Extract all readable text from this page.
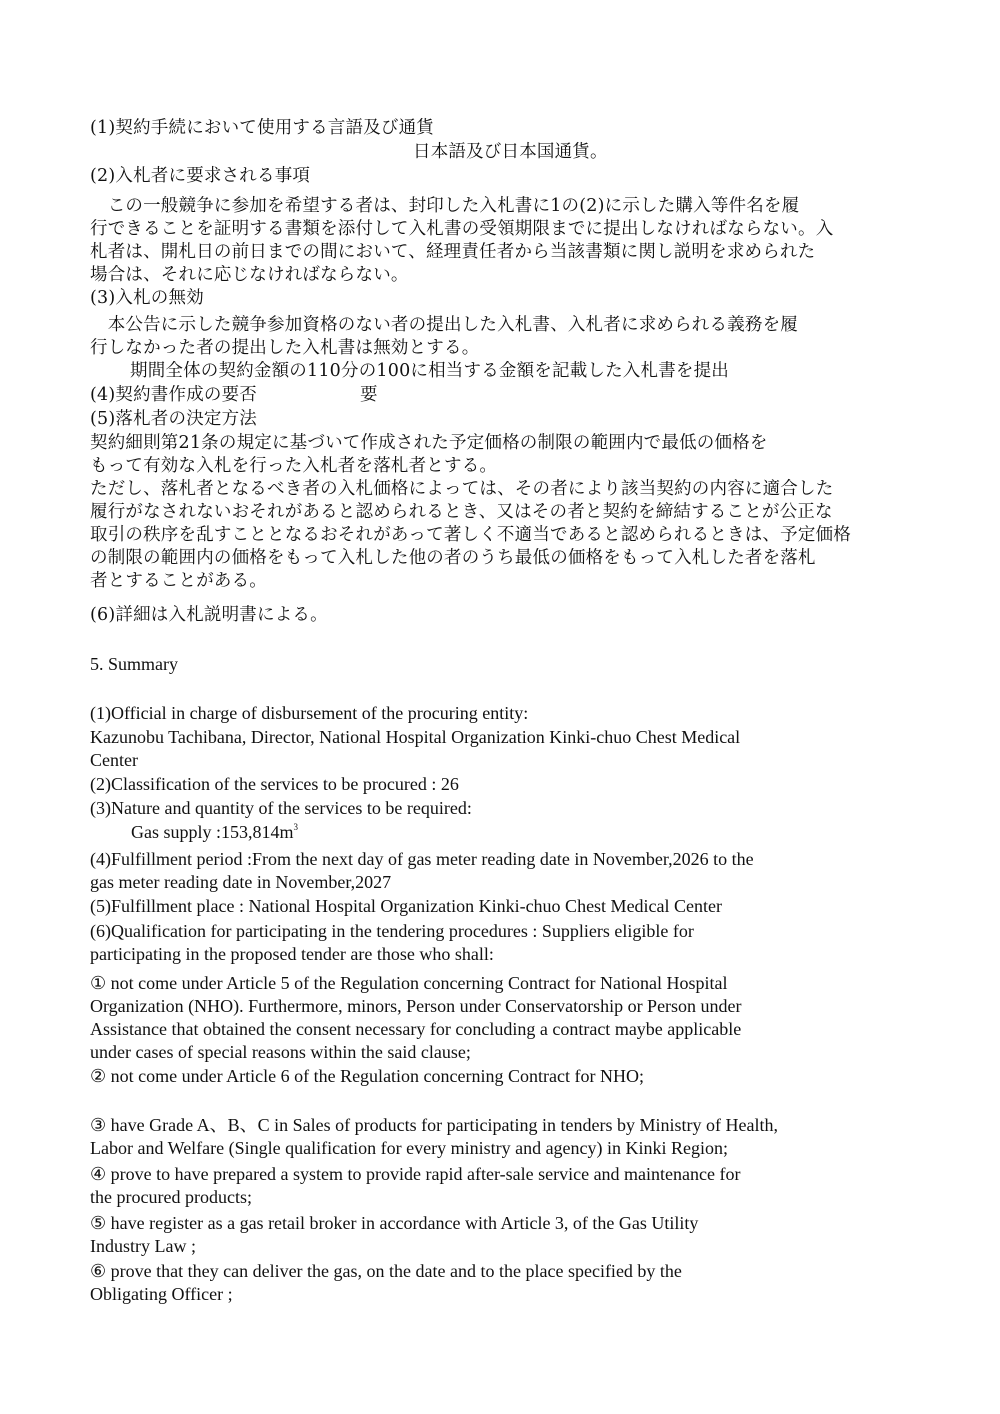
(1)契約手続において使用する言語及び通貨

日本語及び日本国通貨。

(2)入札者に要求される事項

　この一般競争に参加を希望する者は、封印した入札書に1の(2)に示した購入等件名を履

行できることを証明する書類を添付して入札書の受領期限までに提出しなければならない。入

札者は、開札日の前日までの間において、経理責任者から当該書類に関し説明を求められた

場合は、それに応じなければならない。

(3)入札の無効

　本公告に示した競争参加資格のない者の提出した入札書、入札者に求められる義務を履

行しなかった者の提出した入札書は無効とする。

期間全体の契約金額の110分の100に相当する金額を記載した入札書を提出

(4)契約書作成の要否	要

(5)落札者の決定方法

契約細則第21条の規定に基づいて作成された予定価格の制限の範囲内で最低の価格を

もって有効な入札を行った入札者を落札者とする。

ただし、落札者となるべき者の入札価格によっては、その者により該当契約の内容に適合した

履行がなされないおそれがあると認められるとき、又はその者と契約を締結することが公正な

取引の秩序を乱すこととなるおそれがあって著しく不適当であると認められるときは、予定価格

の制限の範囲内の価格をもって入札した他の者のうち最低の価格をもって入札した者を落札

者とすることがある。

(6)詳細は入札説明書による。

5. Summary

(1)Official in charge of disbursement of the procuring entity:

Kazunobu Tachibana, Director, National Hospital Organization Kinki-chuo Chest Medical

Center

(2)Classification of the services to be procured : 26

(3)Nature and quantity of the services to be required:

Gas supply $:153,814m^3$

(4)Fulfillment period :From the next day of gas meter reading date in November,2026 to the

gas meter reading date in November,2027

(5)Fulfillment place : National Hospital Organization Kinki-chuo Chest Medical Center

(6)Qualification for participating in the tendering procedures : Suppliers eligible for

participating in the proposed tender are those who shall:

① not come under Article 5 of the Regulation concerning Contract for National Hospital

Organization (NHO). Furthermore, minors, Person under Conservatorship or Person under

Assistance that obtained the consent necessary for concluding a contract maybe applicable

under cases of special reasons within the said clause;

② not come under Article 6 of the Regulation concerning Contract for NHO;

③ have Grade A、B、C in Sales of products for participating in tenders by Ministry of Health,

Labor and Welfare (Single qualification for every ministry and agency) in Kinki Region;

④ prove to have prepared a system to provide rapid after-sale service and maintenance for

the procured products;

⑤ have register as a gas retail broker in accordance with Article 3, of the Gas Utility

Industry Law ;

⑥ prove that they can deliver the gas, on the date and to the place specified by the

Obligating Officer ;
